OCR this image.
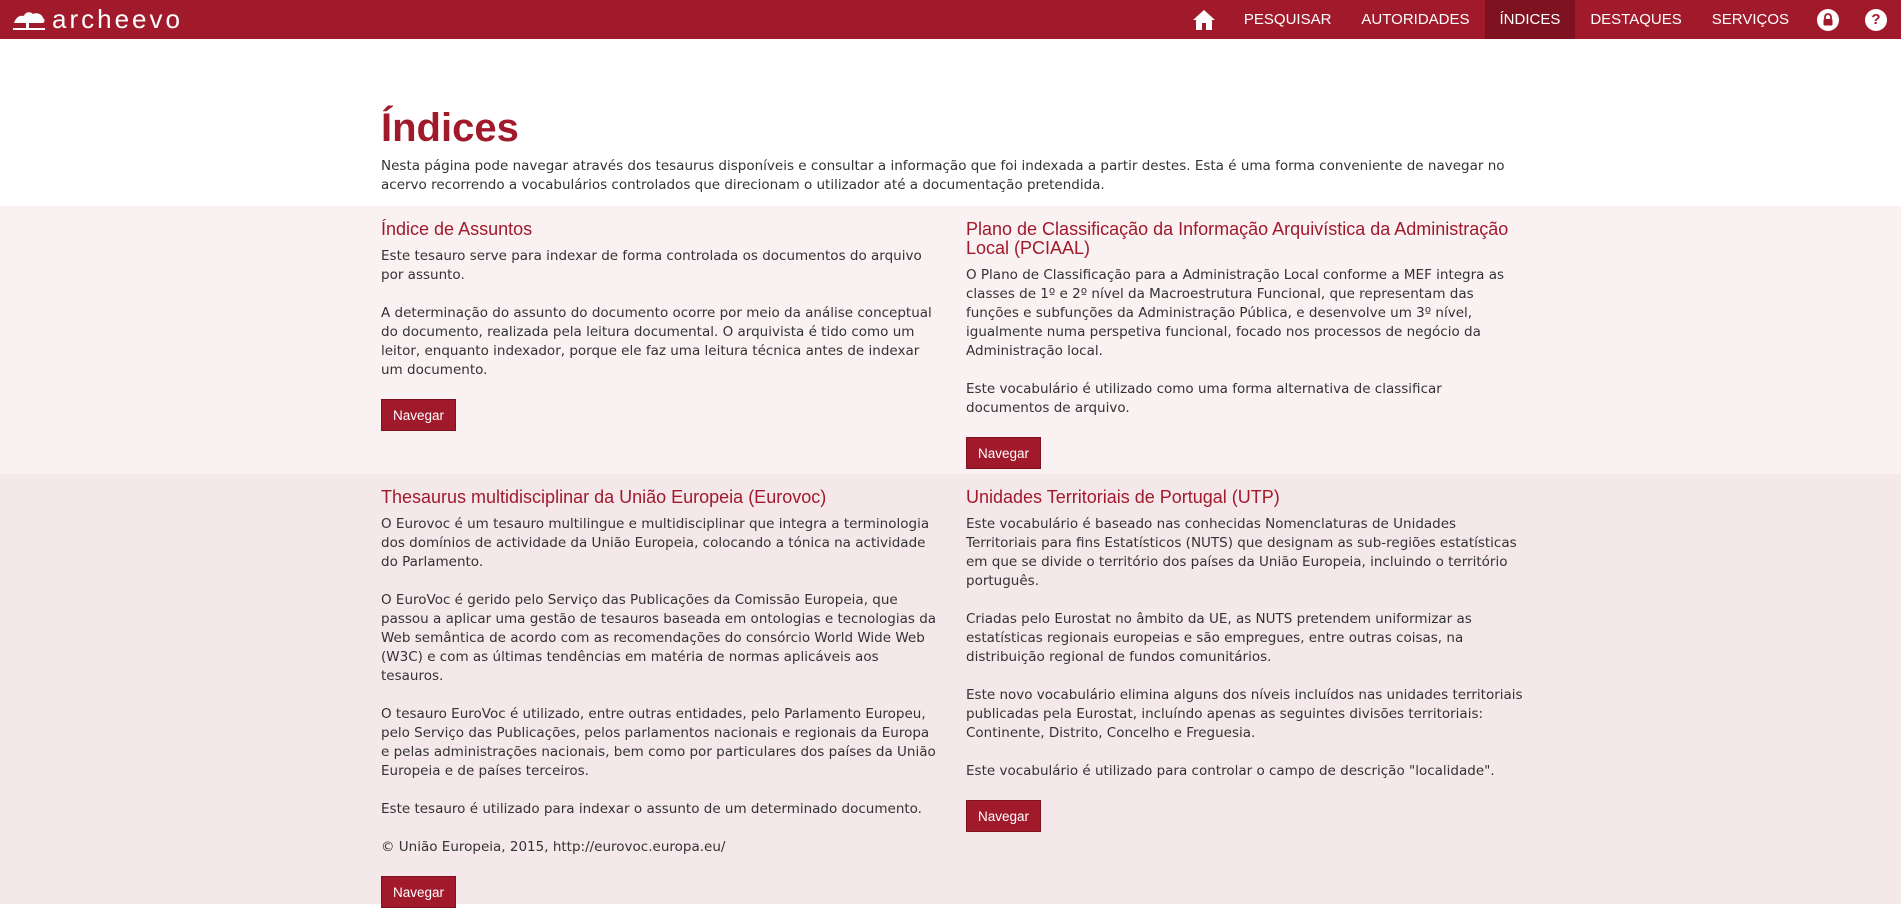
archeevo	PESQUISAR	AUTORIDADES	ÍNDICES	DESTAQUES	SERVIÇOS	?
Índices

Nesta página pode navegar através dos tesaurus disponíveis e consultar a informação que foi indexada a partir destes. Esta é uma forma conveniente de navegar no acervo recorrendo a vocabulários controlados que direcionam o utilizador até a documentação pretendida.

Índice de Assuntos

Este tesauro serve para indexar de forma controlada os documentos do arquivo por assunto.

A determinação do assunto do documento ocorre por meio da análise conceptual do documento, realizada pela leitura documental. O arquivista é tido como um leitor, enquanto indexador, porque ele faz uma leitura técnica antes de indexar um documento.

Navegar
Plano de Classificação da Informação Arquivística da Administração Local (PCIAAL)

O Plano de Classificação para a Administração Local conforme a MEF integra as classes de 1º e 2º nível da Macroestrutura Funcional, que representam das funções e subfunções da Administração Pública, e desenvolve um 3º nível, igualmente numa perspetiva funcional, focado nos processos de negócio da Administração local.

Este vocabulário é utilizado como uma forma alternativa de classificar documentos de arquivo.

Navegar
Thesaurus multidisciplinar da União Europeia (Eurovoc)

O Eurovoc é um tesauro multilingue e multidisciplinar que integra a terminologia dos domínios de actividade da União Europeia, colocando a tónica na actividade do Parlamento.

O EuroVoc é gerido pelo Serviço das Publicações da Comissão Europeia, que passou a aplicar uma gestão de tesauros baseada em ontologias e tecnologias da Web semântica de acordo com as recomendações do consórcio World Wide Web (W3C) e com as últimas tendências em matéria de normas aplicáveis aos tesauros.

O tesauro EuroVoc é utilizado, entre outras entidades, pelo Parlamento Europeu, pelo Serviço das Publicações, pelos parlamentos nacionais e regionais da Europa e pelas administrações nacionais, bem como por particulares dos países da União Europeia e de países terceiros.

Este tesauro é utilizado para indexar o assunto de um determinado documento.

© União Europeia, 2015, http://eurovoc.europa.eu/

Navegar
Unidades Territoriais de Portugal (UTP)

Este vocabulário é baseado nas conhecidas Nomenclaturas de Unidades Territoriais para fins Estatísticos (NUTS) que designam as sub-regiões estatísticas em que se divide o território dos países da União Europeia, incluindo o território português.

Criadas pelo Eurostat no âmbito da UE, as NUTS pretendem uniformizar as estatísticas regionais europeias e são empregues, entre outras coisas, na distribuição regional de fundos comunitários.

Este novo vocabulário elimina alguns dos níveis incluídos nas unidades territoriais publicadas pela Eurostat, incluíndo apenas as seguintes divisões territoriais: Continente, Distrito, Concelho e Freguesia.

Este vocabulário é utilizado para controlar o campo de descrição "localidade".

Navegar
